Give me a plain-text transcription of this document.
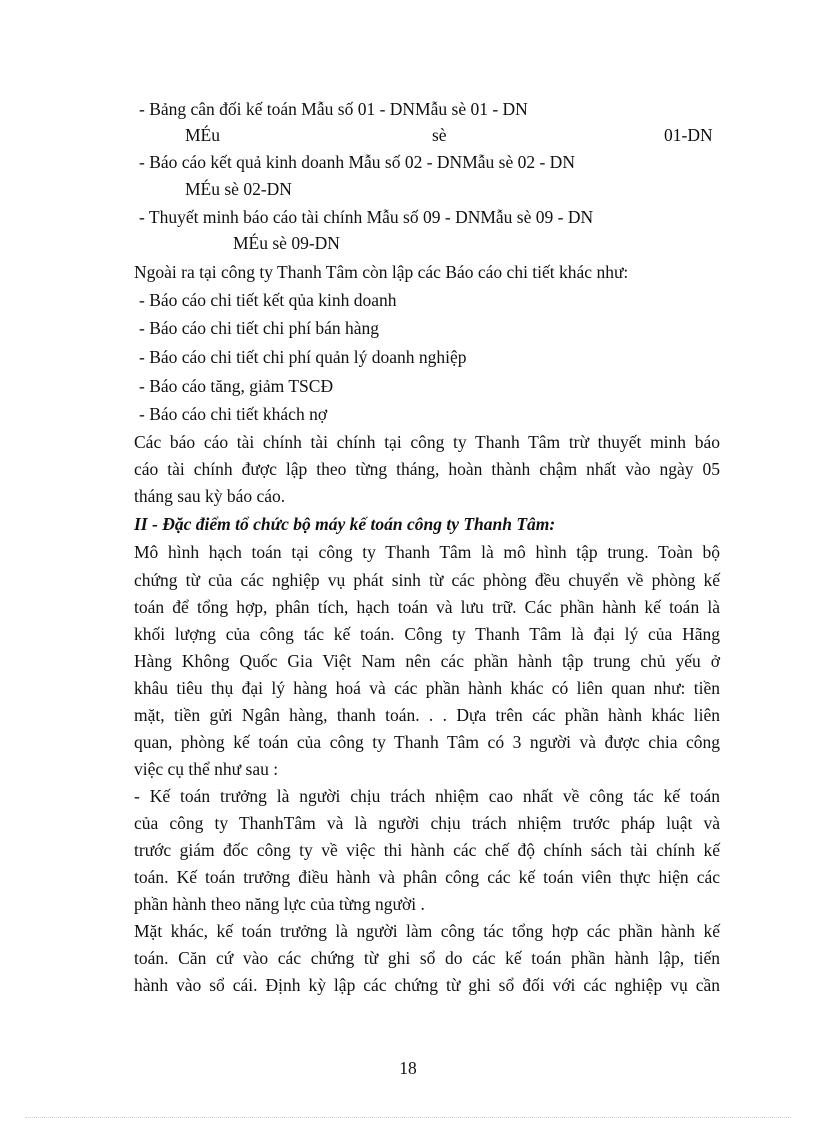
- Bảng cân đối kế toán Mẫu số 01 - DNMẫu sè 01 - DN
MÉu	sè	01-DN
- Báo cáo kết quả kinh doanh Mẫu số 02 - DNMẫu sè 02 - DN
MÉu sè 02-DN
- Thuyết minh báo cáo tài chính Mẫu số 09 - DNMẫu sè 09 - DN
MÉu sè 09-DN
Ngoài ra tại công ty Thanh Tâm còn lập các Báo cáo chi tiết khác như:
- Báo cáo chi tiết kết qủa kinh doanh
- Báo cáo chi tiết chi phí bán hàng
- Báo cáo chi tiết chi phí quản lý doanh nghiệp
- Báo cáo tăng, giảm TSCĐ
- Báo cáo chi tiết khách nợ
Các báo cáo tài chính tài chính tại công ty Thanh Tâm trừ thuyết minh báo
cáo tài chính được lập theo từng tháng, hoàn thành chậm nhất vào ngày 05
tháng sau kỳ báo cáo.
II - Đặc điểm tổ chức bộ máy kế toán công ty Thanh Tâm:
Mô hình hạch toán tại công ty Thanh Tâm là mô hình tập trung. Toàn bộ
chứng từ của các nghiệp vụ phát sinh từ các phòng đều chuyển về phòng kế
toán để tổng hợp, phân tích, hạch toán và lưu trữ. Các phần hành kế toán là
khối lượng của công tác kế toán. Công ty Thanh Tâm là đại lý của Hãng
Hàng Không Quốc Gia Việt Nam nên các phần hành tập trung chủ yếu ở
khâu tiêu thụ đại lý hàng hoá và các phần hành khác có liên quan như: tiền
mặt, tiền gửi Ngân hàng, thanh toán. . . Dựa trên các phần hành khác liên
quan, phòng kế toán của công ty Thanh Tâm có 3 người và được chia công
việc cụ thể như sau :
- Kế toán trưởng là người chịu trách nhiệm cao nhất về công tác kế toán
của công ty ThanhTâm và là người chịu trách nhiệm trước pháp luật và
trước giám đốc công ty về việc thi hành các chế độ chính sách tài chính kế
toán. Kế toán trưởng điều hành và phân công các kế toán viên thực hiện các
phần hành theo năng lực của từng người .
Mặt khác, kế toán trưởng là người làm công tác tổng hợp các phần hành kế
toán. Căn cứ vào các chứng từ ghi sổ do các kế toán phần hành lập, tiến
hành vào sổ cái. Định kỳ lập các chứng từ ghi sổ đối với các nghiệp vụ cần
18
